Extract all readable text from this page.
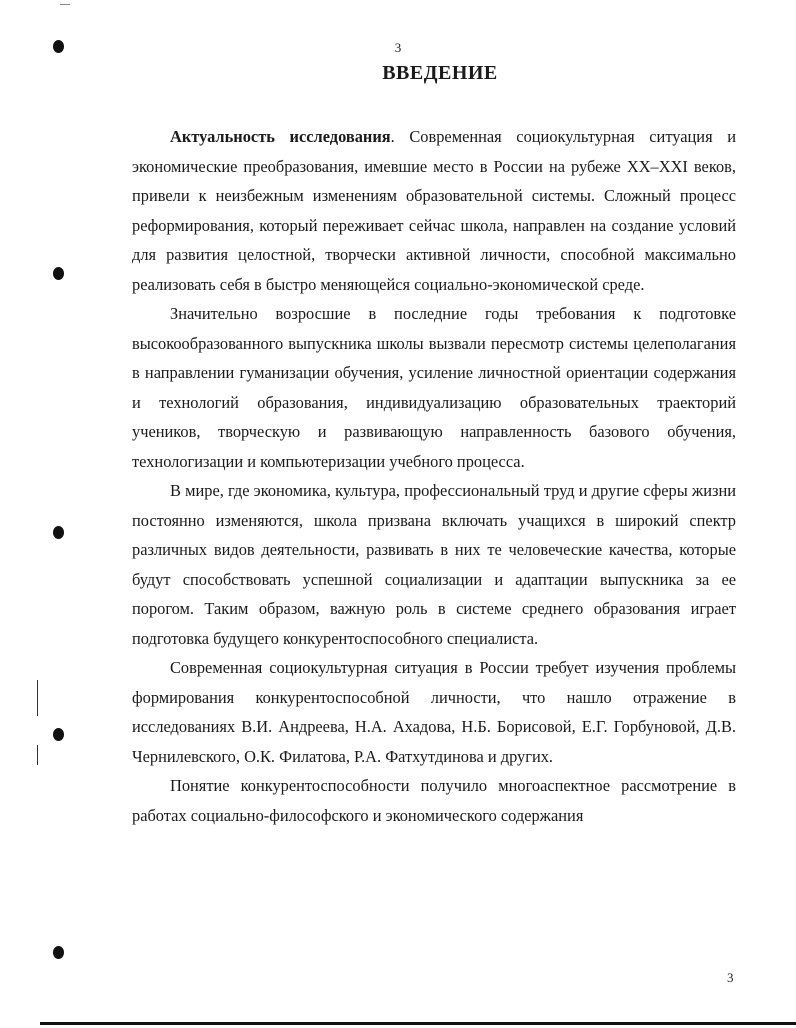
3
ВВЕДЕНИЕ

Актуальность исследования. Современная социокультурная ситуация и экономические преобразования, имевшие место в России на рубеже XX–XXI веков, привели к неизбежным изменениям образовательной системы. Сложный процесс реформирования, который переживает сейчас школа, направлен на создание условий для развития целостной, творчески активной личности, способной максимально реализовать себя в быстро меняющейся социально-экономической среде.

Значительно возросшие в последние годы требования к подготовке высокообразованного выпускника школы вызвали пересмотр системы целеполагания в направлении гуманизации обучения, усиление личностной ориентации содержания и технологий образования, индивидуализацию образовательных траекторий учеников, творческую и развивающую направленность базового обучения, технологизации и компьютеризации учебного процесса.

В мире, где экономика, культура, профессиональный труд и другие сферы жизни постоянно изменяются, школа призвана включать учащихся в широкий спектр различных видов деятельности, развивать в них те человеческие качества, которые будут способствовать успешной социализации и адаптации выпускника за ее порогом. Таким образом, важную роль в системе среднего образования играет подготовка будущего конкурентоспособного специалиста.

Современная социокультурная ситуация в России требует изучения проблемы формирования конкурентоспособной личности, что нашло отражение в исследованиях В.И. Андреева, Н.А. Ахадова, Н.Б. Борисовой, Е.Г. Горбуновой, Д.В. Чернилевского, О.К. Филатова, Р.А. Фатхутдинова и других.

Понятие конкурентоспособности получило многоаспектное рассмотрение в работах социально-философского и экономического содержания

3
